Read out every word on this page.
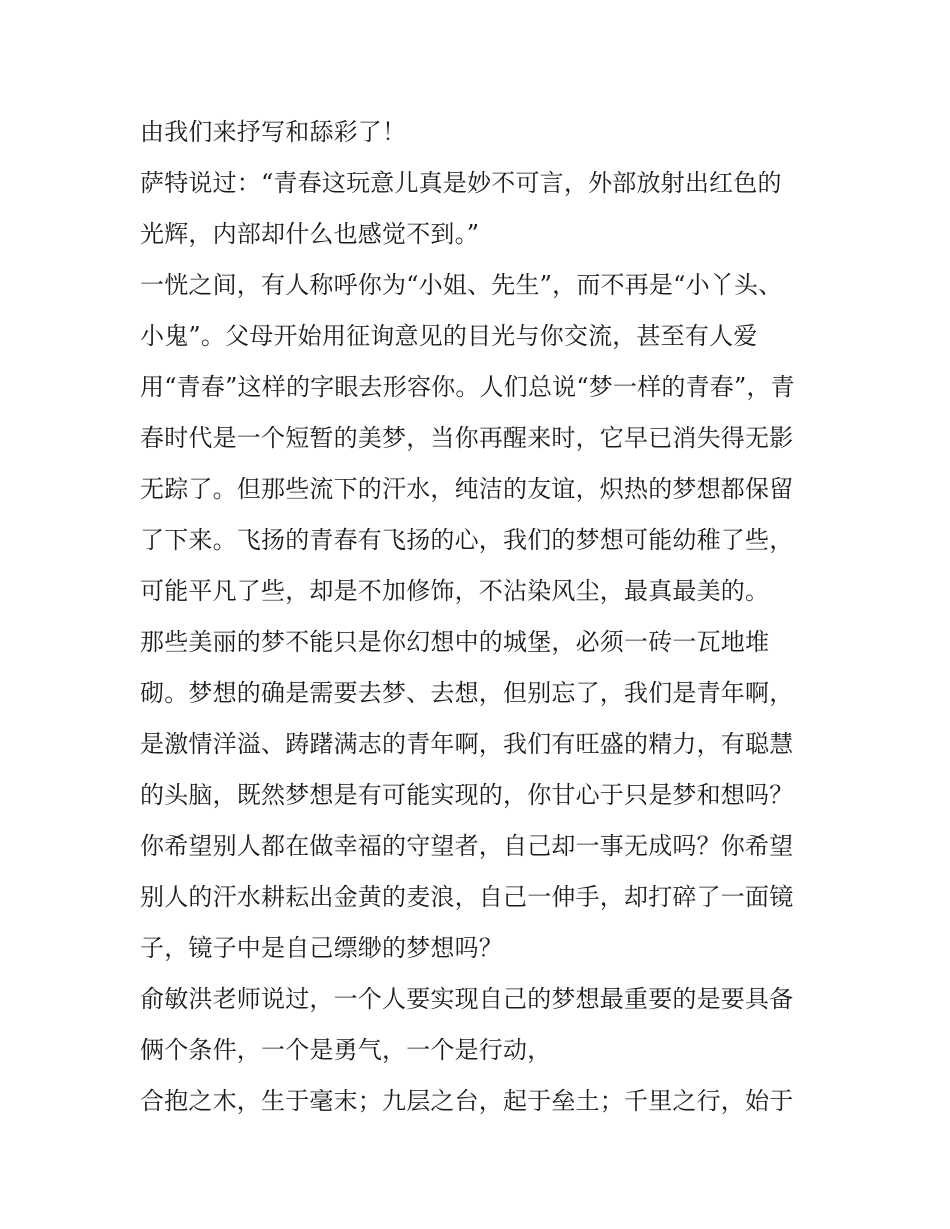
由我们来抒写和舔彩了！
萨特说过：“青春这玩意儿真是妙不可言，外部放射出红色的
光辉，内部却什么也感觉不到。”
一恍之间，有人称呼你为“小姐、先生”，而不再是“小丫头、
小鬼”。父母开始用征询意见的目光与你交流，甚至有人爱
用“青春”这样的字眼去形容你。人们总说“梦一样的青春”，青
春时代是一个短暂的美梦，当你再醒来时，它早已消失得无影
无踪了。但那些流下的汗水，纯洁的友谊，炽热的梦想都保留
了下来。飞扬的青春有飞扬的心，我们的梦想可能幼稚了些，
可能平凡了些，却是不加修饰，不沾染风尘，最真最美的。
那些美丽的梦不能只是你幻想中的城堡，必须一砖一瓦地堆
砌。梦想的确是需要去梦、去想，但别忘了，我们是青年啊，
是激情洋溢、踌躇满志的青年啊，我们有旺盛的精力，有聪慧
的头脑，既然梦想是有可能实现的，你甘心于只是梦和想吗？
你希望别人都在做幸福的守望者，自己却一事无成吗？你希望
别人的汗水耕耘出金黄的麦浪，自己一伸手，却打碎了一面镜
子，镜子中是自己缥缈的梦想吗？
俞敏洪老师说过，一个人要实现自己的梦想最重要的是要具备
俩个条件，一个是勇气，一个是行动，
合抱之木，生于毫末；九层之台，起于垒土；千里之行，始于
